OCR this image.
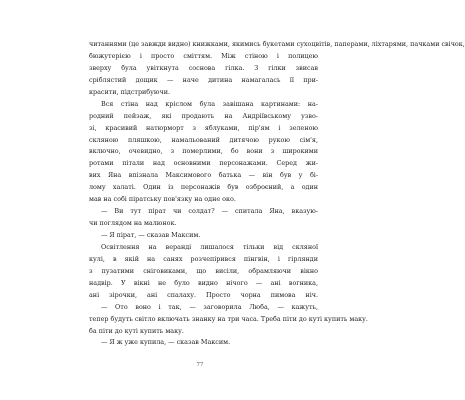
читаннями (це завжди видно) книжками, якимись букетами сухоцвітів, паперами, ліхтарями, пачками свічок,
бюжутерією і просто сміттям. Між стіною і полицею
зверху була увіткнута соснова гілка. З гілки звисав
сріблястий дощик — наче дитина намагалась її при-
красити, підстрибуючи.
Вся стіна над кріслом була завішана картинами: на-
родний пейзаж, які продають на Андріївському узво-
зі, красивий натюрморт з яблуками, пір'ям і зеленою
скляною пляшкою, намальований дитячою рукою сім'я,
включно, очевидно, з померлими, бо вони з широкими
ротами пітали над основними персонажами. Серед жи-
вих Яна впізнала Максимового батька — він був у бі-
лому халаті. Один із персонажів був озброєний, а один
мав на собі піратську пов'язку на одне око.
— Ви тут пірат чи солдат? — спитала Яна, вказую-
чи поглядом на малюнок.
— Я пірат, — сказав Максим.
Освітлення на веранді лишалося тільки від скляної
кулі, в якій на санях розчепірився пінгвін, і гірлянди
з пузатими сніговиками, що висіли, обрамляючи вікно
надвір. У вікні не було видно нічого — ані вогника,
ані зірочки, ані спалаху. Просто чорна пимова ніч.
— Ото воно і так, — заговорила Люба, — кажуть,
тепер будуть світло включать знанку на три часа. Треба піти до куті купить маку.
ба піти до куті купить маку.
— Я ж уже купила, — сказав Максим.
77
